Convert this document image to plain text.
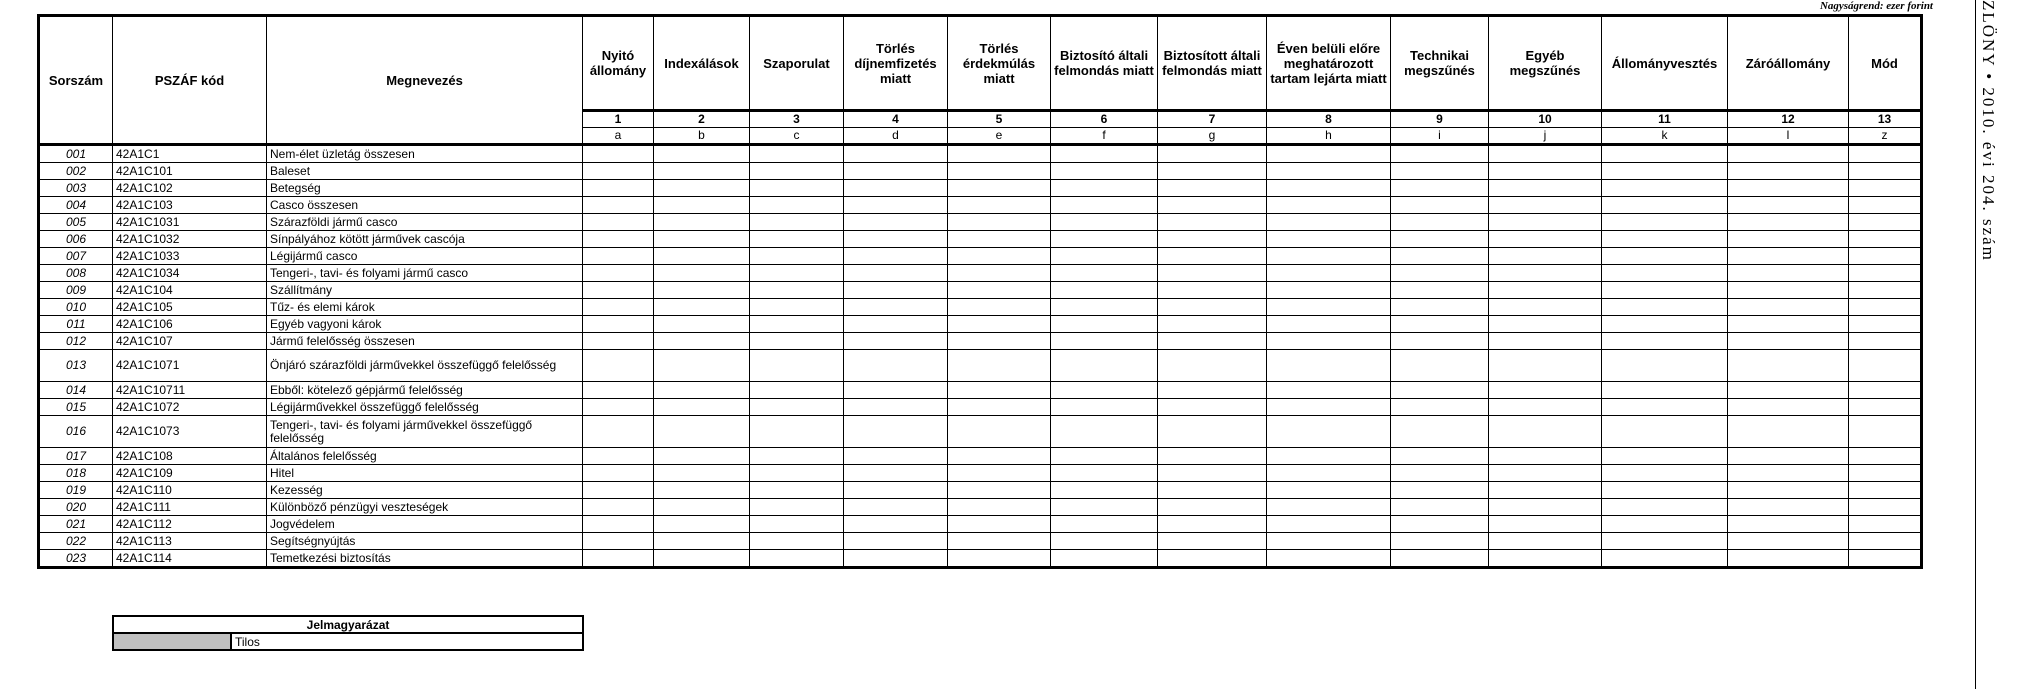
Nagyságrend: ezer forint
Sorszám	PSZÁF kód	Megnevezés	Nyitó állomány	Indexálások	Szaporulat	Törlés díjnemfizetés miatt	Törlés érdekmúlás miatt	Biztosító általi felmondás miatt	Biztosított általi felmondás miatt	Éven belüli előre meghatározott tartam lejárta miatt	Technikai megszűnés	Egyéb megszűnés	Állományvesztés	Záróállomány	Mód
			1	2	3	4	5	6	7	8	9	10	11	12	13
			a	b	c	d	e	f	g	h	i	j	k	l	z
001	42A1C1	Nem-élet üzletág összesen													
002	42A1C101	Baleset													
003	42A1C102	Betegség													
004	42A1C103	Casco összesen													
005	42A1C1031	Szárazföldi jármű casco													
006	42A1C1032	Sínpályához kötött járművek cascója													
007	42A1C1033	Légijármű casco													
008	42A1C1034	Tengeri-, tavi- és folyami jármű casco													
009	42A1C104	Szállítmány													
010	42A1C105	Tűz- és elemi károk													
011	42A1C106	Egyéb vagyoni károk													
012	42A1C107	Jármű felelősség összesen													
013	42A1C1071	Önjáró szárazföldi járművekkel összefüggő felelősség													
014	42A1C10711	Ebből: kötelező gépjármű felelősség													
015	42A1C1072	Légijárművekkel összefüggő felelősség													
016	42A1C1073	Tengeri-, tavi- és folyami járművekkel összefüggő felelősség													
017	42A1C108	Általános felelősség													
018	42A1C109	Hitel													
019	42A1C110	Kezesség													
020	42A1C111	Különböző pénzügyi veszteségek													
021	42A1C112	Jogvédelem													
022	42A1C113	Segítségnyújtás													
023	42A1C114	Temetkezési biztosítás													
Jelmagyarázat
	Tilos
ZLÖNY • 2010. évi 204. szám
